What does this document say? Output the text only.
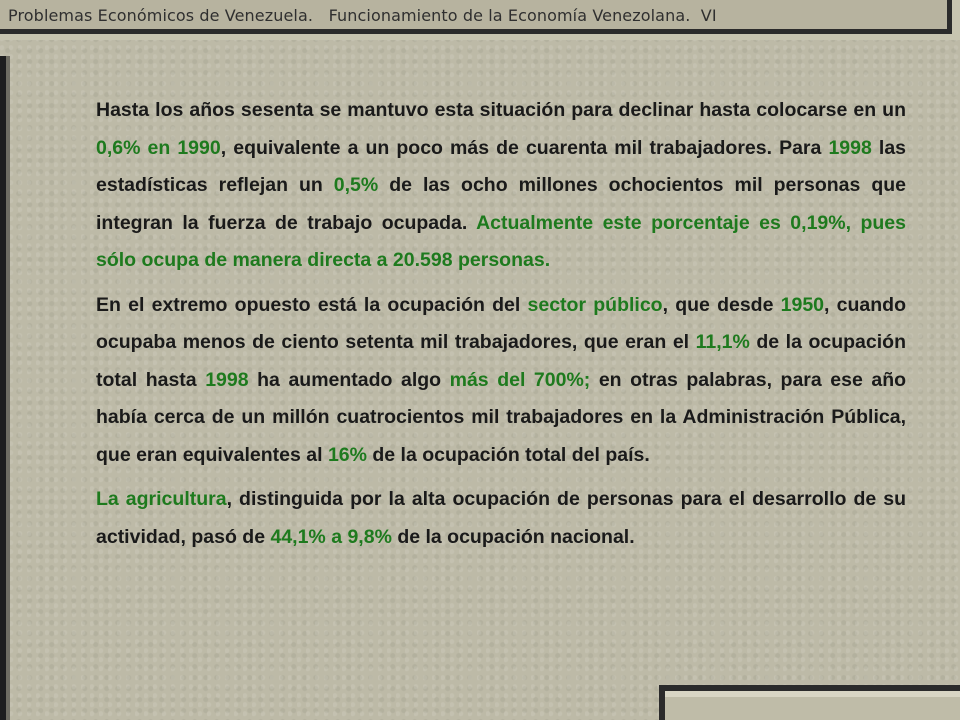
Problemas Económicos de Venezuela.   Funcionamiento de la Economía Venezolana.  VI

Hasta los años sesenta se mantuvo esta situación para declinar hasta colocarse en un 0,6% en 1990, equivalente a un poco más de cuarenta mil trabajadores. Para 1998 las estadísticas reflejan un 0,5% de las ocho millones ochocientos mil personas que integran la fuerza de trabajo ocupada. Actualmente este porcentaje es 0,19%, pues sólo ocupa de manera directa a 20.598 personas.

En el extremo opuesto está la ocupación del sector público, que desde 1950, cuando ocupaba menos de ciento setenta mil trabajadores, que eran el 11,1% de la ocupación total hasta 1998 ha aumentado algo más del 700%; en otras palabras, para ese año había cerca de un millón cuatrocientos mil trabajadores en la Administración Pública, que eran equivalentes al 16% de la ocupación total del país.

La agricultura, distinguida por la alta ocupación de personas para el desarrollo de su actividad, pasó de 44,1% a 9,8% de la ocupación nacional.
